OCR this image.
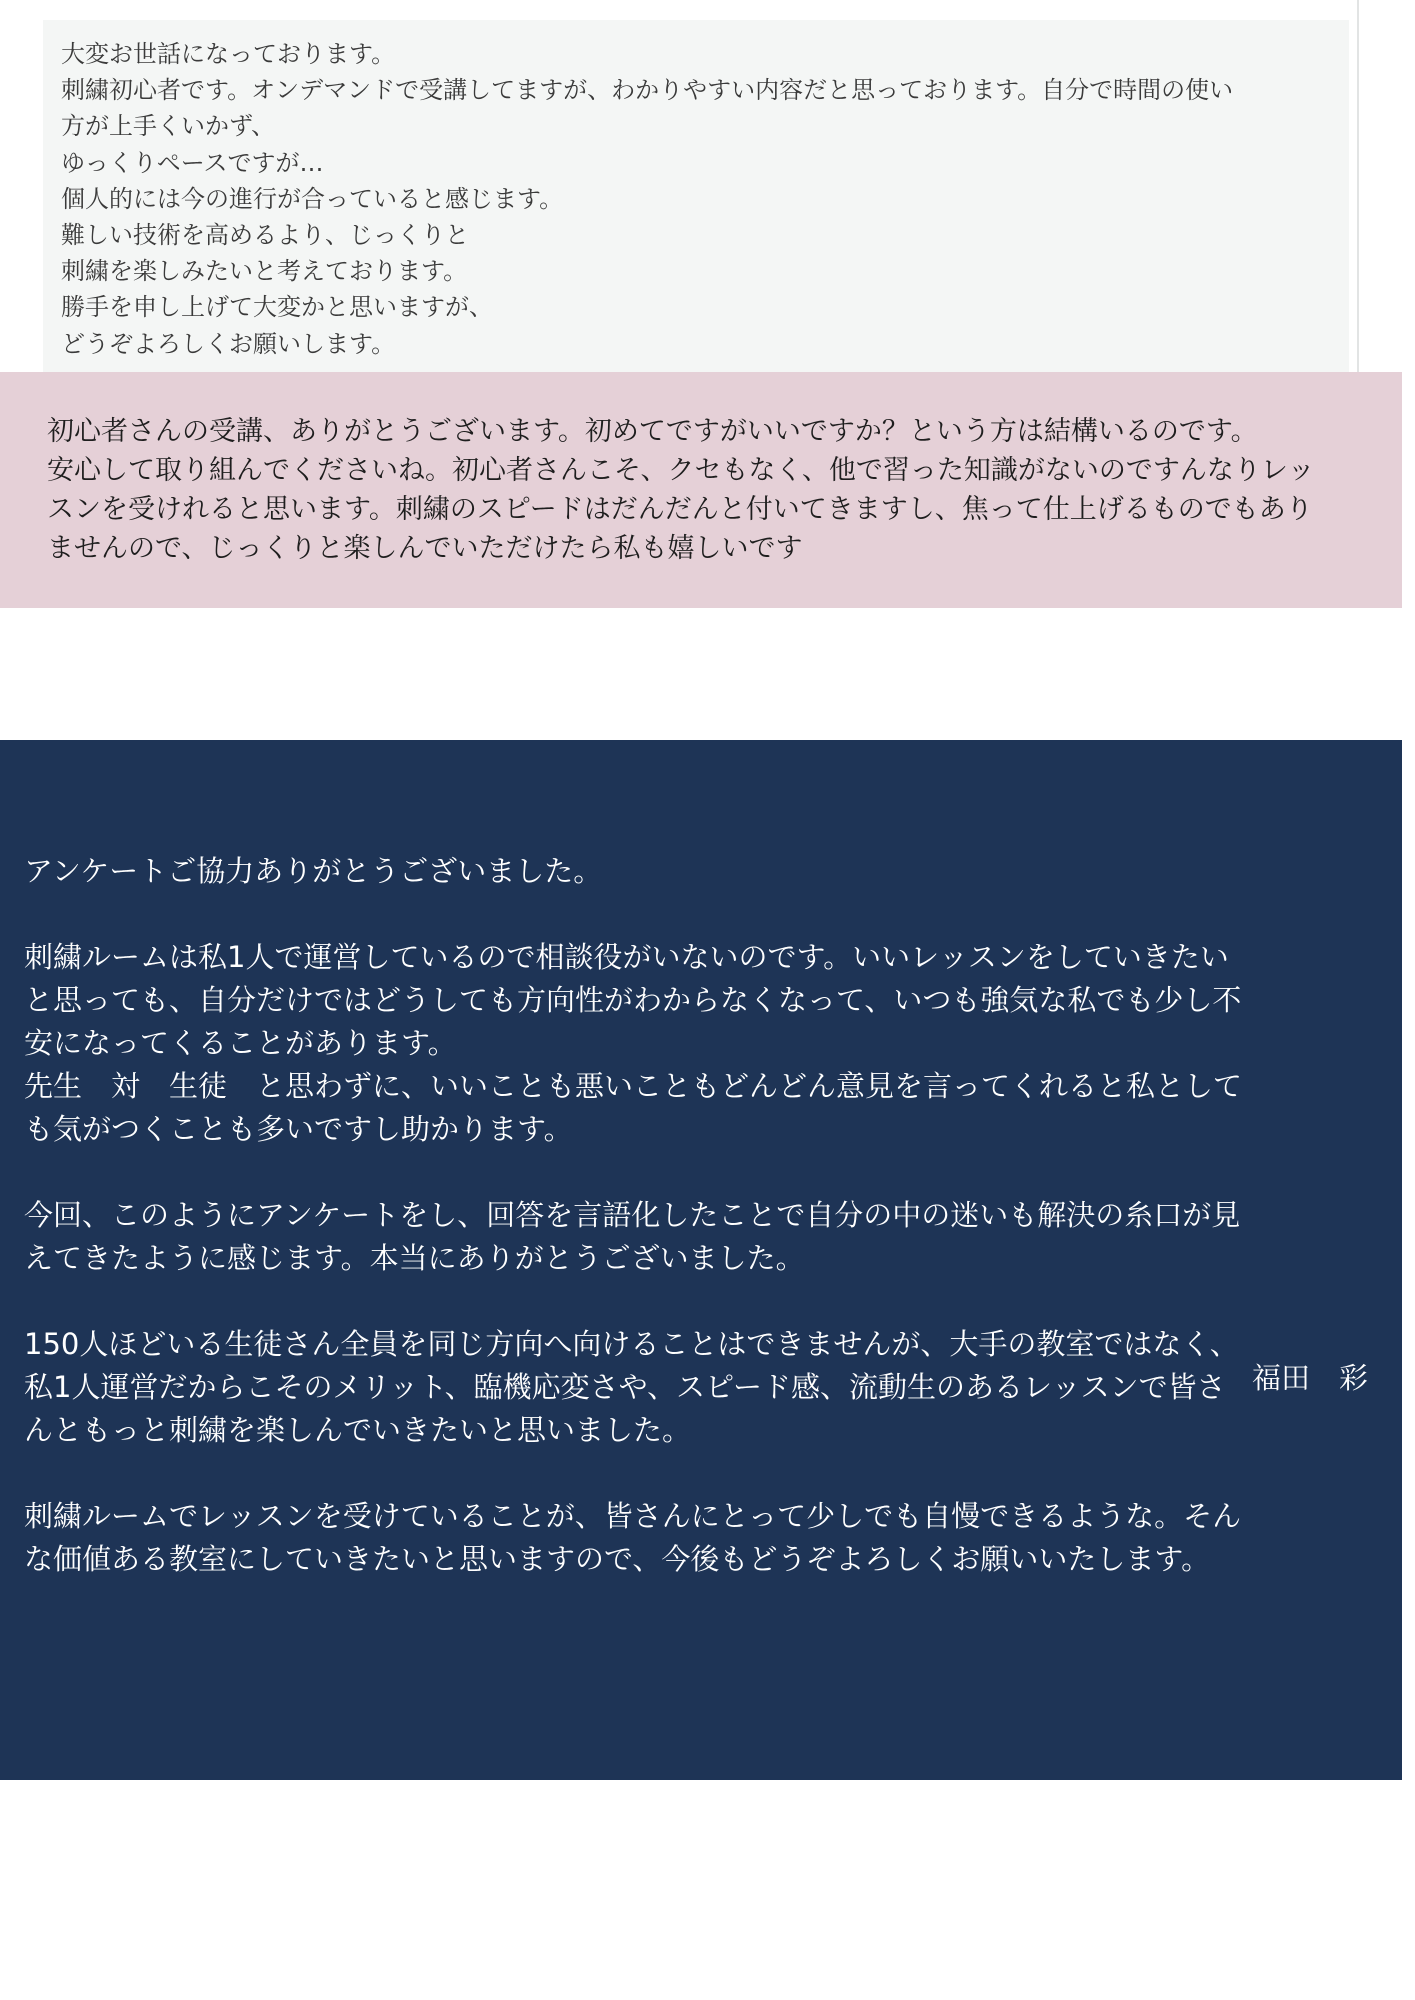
大変お世話になっております。
刺繍初心者です。オンデマンドで受講してますが、わかりやすい内容だと思っております。自分で時間の使い
方が上手くいかず、
ゆっくりペースですが…
個人的には今の進行が合っていると感じます。
難しい技術を高めるより、じっくりと
刺繍を楽しみたいと考えております。
勝手を申し上げて大変かと思いますが、
どうぞよろしくお願いします。
初心者さんの受講、ありがとうございます。初めてですがいいですか？という方は結構いるのです。
安心して取り組んでくださいね。初心者さんこそ、クセもなく、他で習った知識がないのですんなりレッ
スンを受けれると思います。刺繍のスピードはだんだんと付いてきますし、焦って仕上げるものでもあり
ませんので、じっくりと楽しんでいただけたら私も嬉しいです
アンケートご協力ありがとうございました。
刺繍ルームは私1人で運営しているので相談役がいないのです。いいレッスンをしていきたい
と思っても、自分だけではどうしても方向性がわからなくなって、いつも強気な私でも少し不
安になってくることがあります。
先生　対　生徒　と思わずに、いいことも悪いこともどんどん意見を言ってくれると私として
も気がつくことも多いですし助かります。
今回、このようにアンケートをし、回答を言語化したことで自分の中の迷いも解決の糸口が見
えてきたように感じます。本当にありがとうございました。
150人ほどいる生徒さん全員を同じ方向へ向けることはできませんが、大手の教室ではなく、
私1人運営だからこそのメリット、臨機応変さや、スピード感、流動生のあるレッスンで皆さ
んともっと刺繍を楽しんでいきたいと思いました。
刺繍ルームでレッスンを受けていることが、皆さんにとって少しでも自慢できるような。そん
な価値ある教室にしていきたいと思いますので、今後もどうぞよろしくお願いいたします。
福田　彩
